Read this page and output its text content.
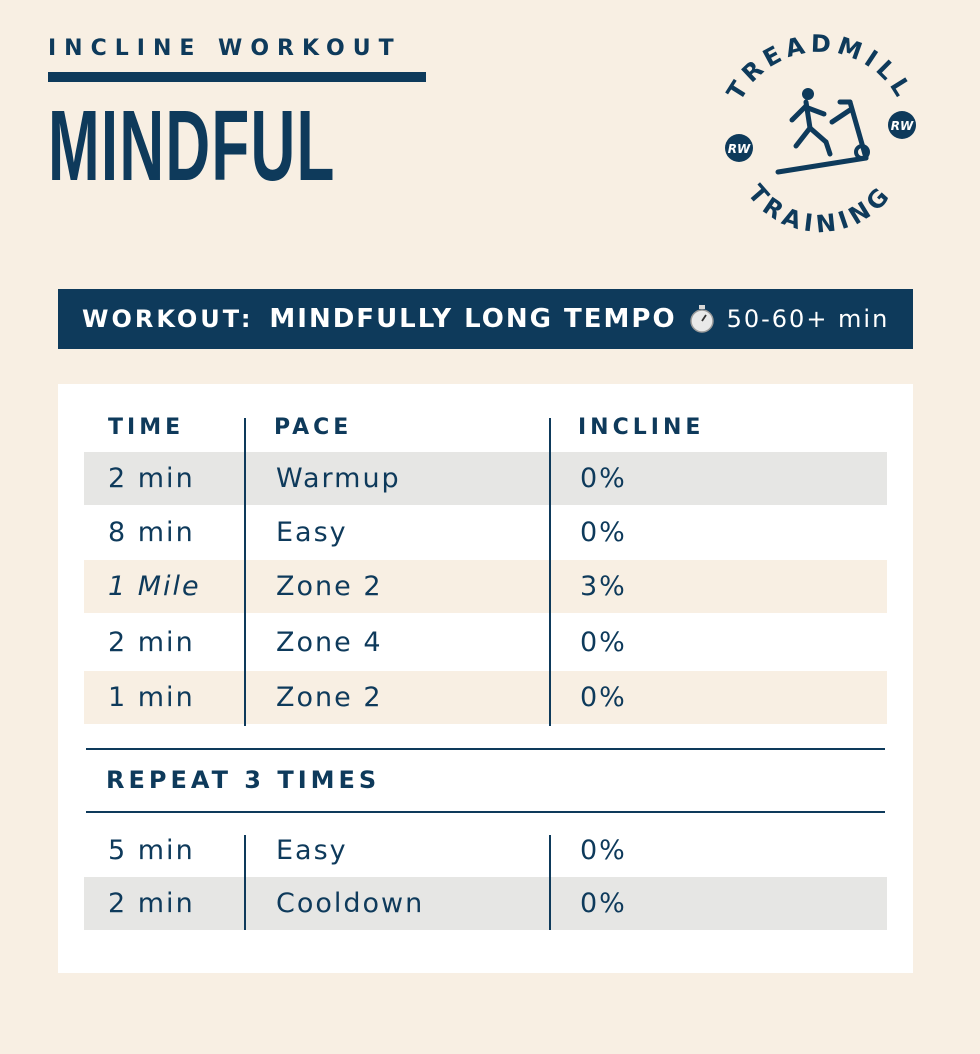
INCLINE WORKOUT
MINDFUL
TREADMILL
TRAINING
RW
RW
WORKOUT: MINDFULLY LONG TEMPO 50-60+ min
TIME	PACE	INCLINE
2 min	Warmup	0%
8 min	Easy	0%
1 Mile	Zone 2	3%
2 min	Zone 4	0%
1 min	Zone 2	0%
REPEAT 3 TIMES
5 min	Easy	0%
2 min	Cooldown	0%
